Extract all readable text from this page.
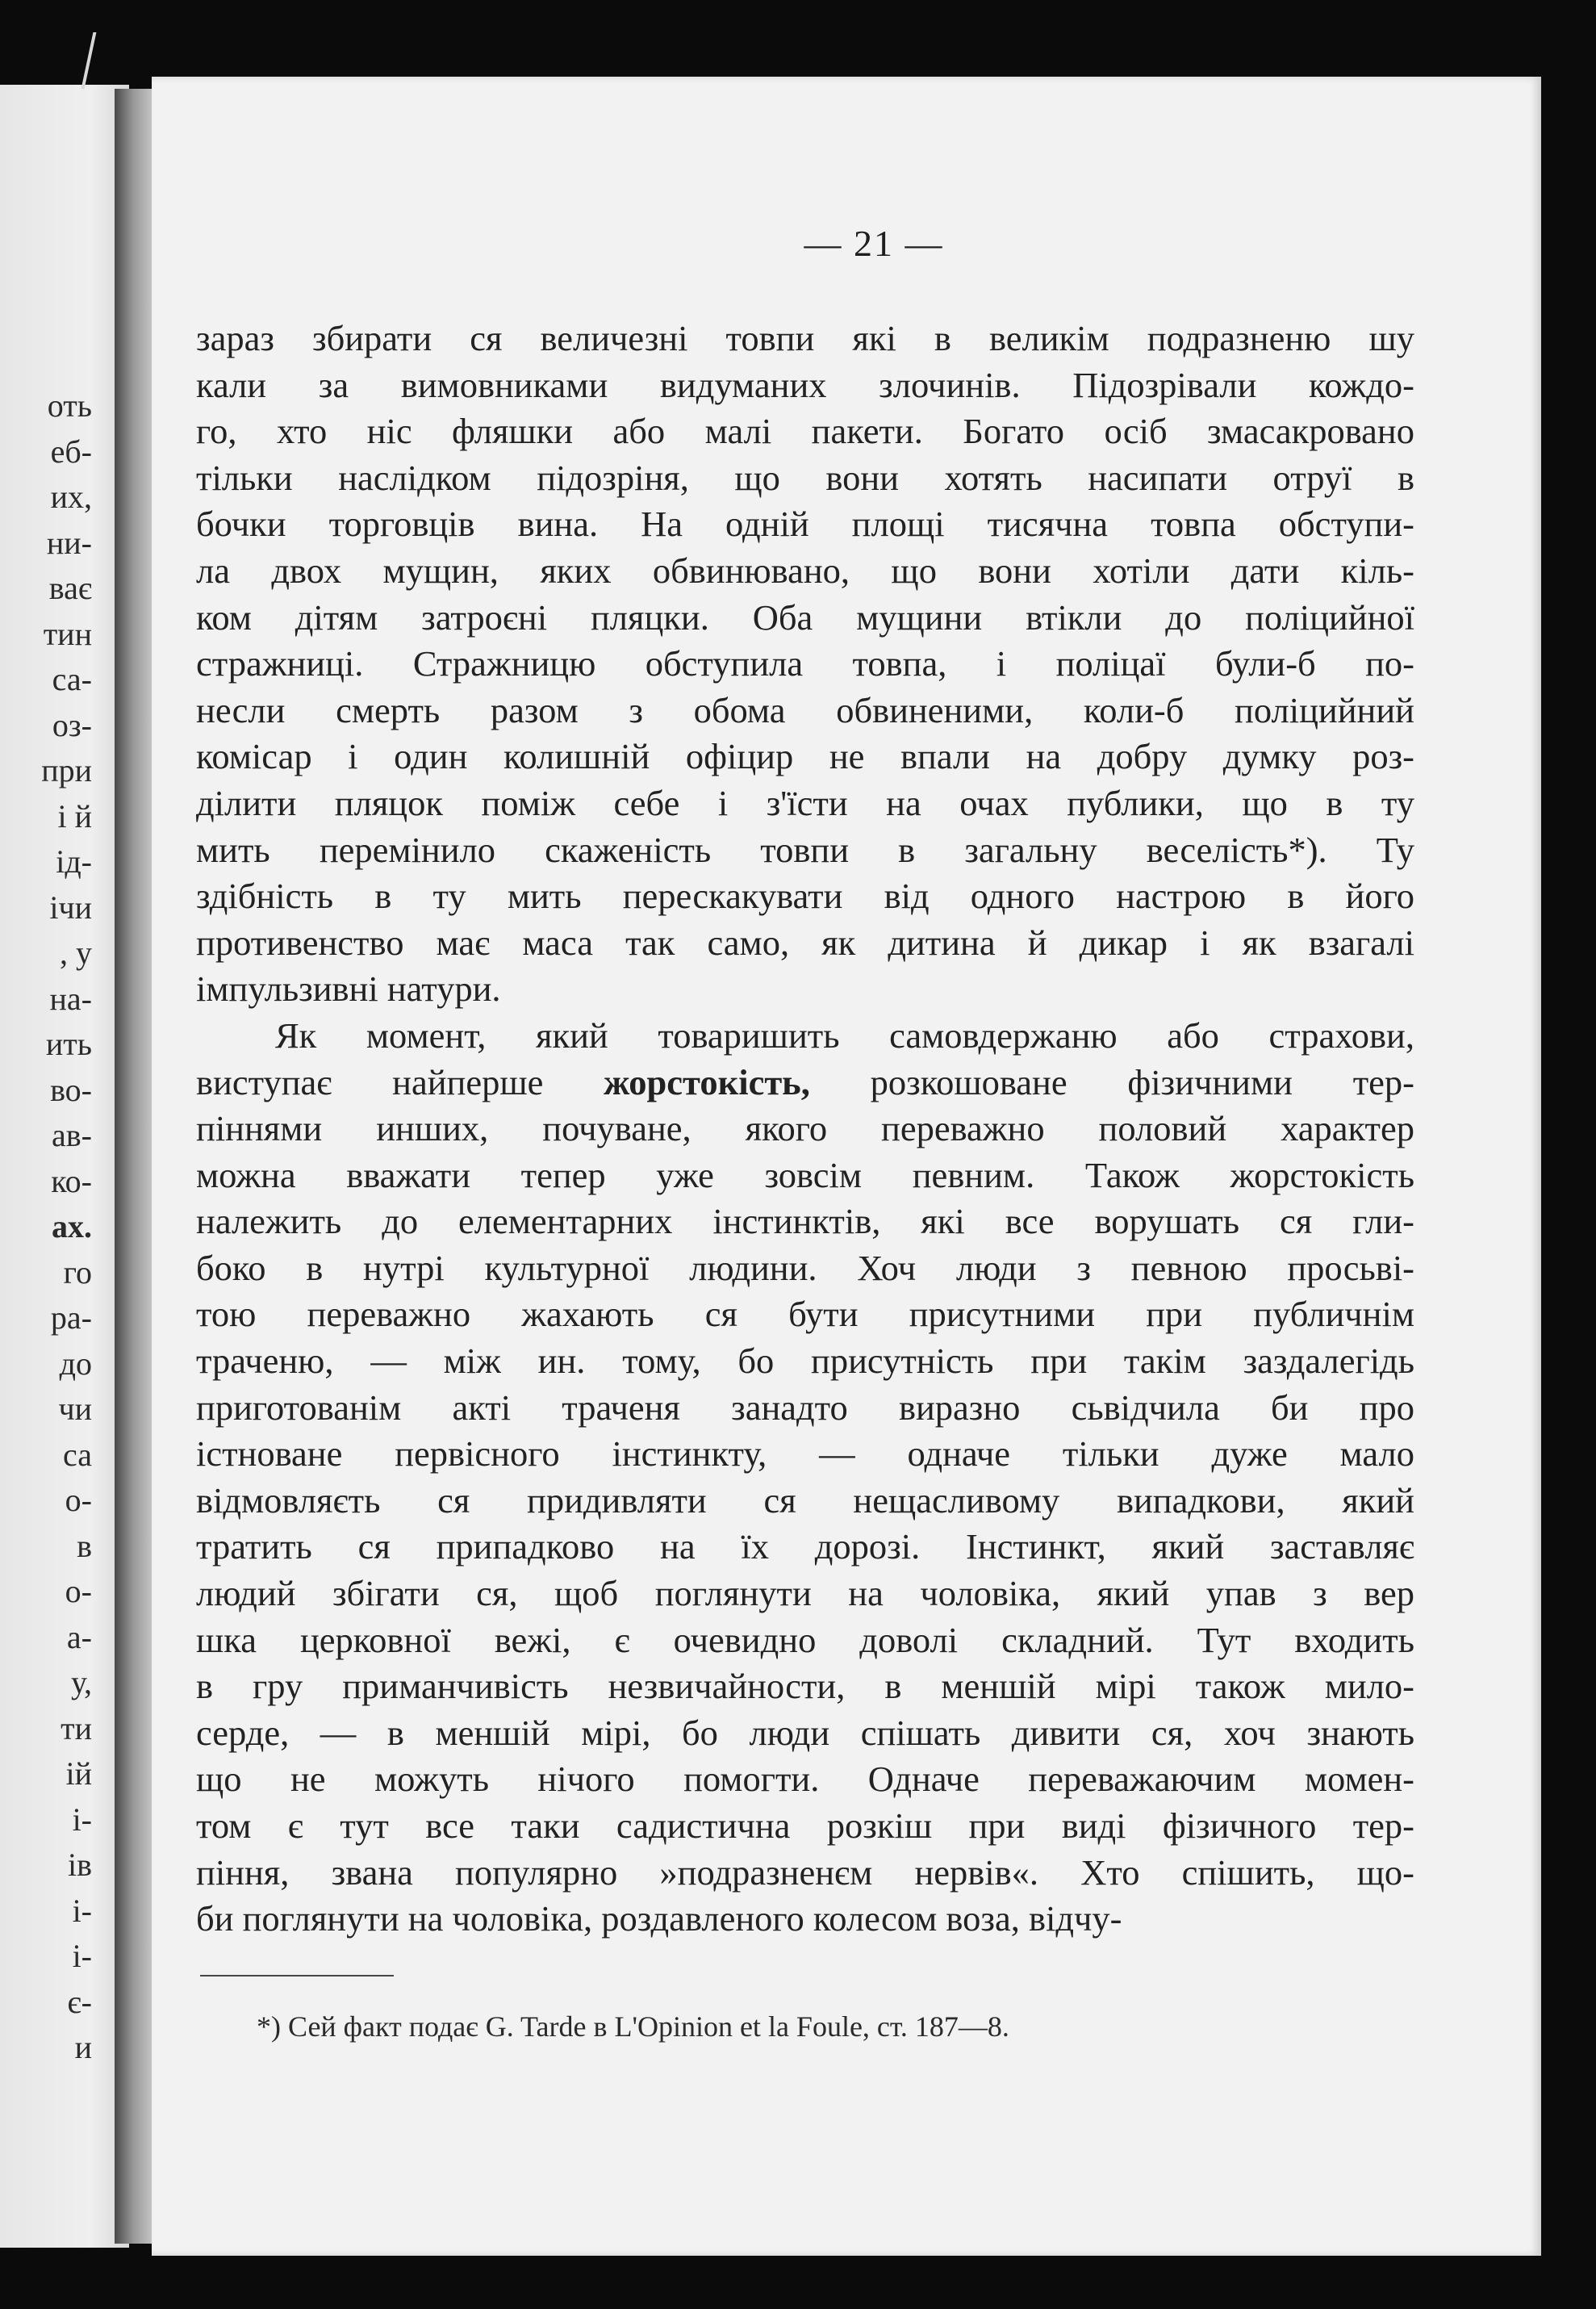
оть
еб-
их,
ни-
ває
тин
са-
оз-
при
і й
ід-
ічи
, у
на-
ить
во-
ав-
ко-
ах.
го
ра-
до
чи
са
о-
в
о-
а-
у,
ти
ій
і-
ів
і-
і-
є-
и
— 21 —
зараз збирати ся величезні товпи які в великім подразненю шу
кали за вимовниками видуманих злочинів. Підозрівали кождо-
го, хто ніс фляшки або малі пакети. Богато осіб змасакровано
тільки наслідком підозріня, що вони хотять насипати отруї в
бочки торговців вина. На одній площі тисячна товпа обступи-
ла двох мущин, яких обвинювано, що вони хотіли дати кіль-
ком дітям затроєні пляцки. Оба мущини втікли до поліцийної
стражниці. Стражницю обступила товпа, і поліцаї були-б по-
несли смерть разом з обома обвиненими, коли-б поліцийний
комісар і один колишній офіцир не впали на добру думку роз-
ділити пляцок поміж себе і з'їсти на очах публики, що в ту
мить перемінило скаженість товпи в загальну веселість*). Ту
здібність в ту мить перескакувати від одного настрою в його
противенство має маса так само, як дитина й дикар і як взагалі
імпульзивні натури.
Як момент, який товаришить самовдержаню або страхови,
виступає найперше жорстокість, розкошоване фізичними тер-
піннями инших, почуване, якого переважно половий характер
можна вважати тепер уже зовсім певним. Також жорстокість
належить до елементарних інстинктів, які все ворушать ся гли-
боко в нутрі культурної людини. Хоч люди з певною просьві-
тою переважно жахають ся бути присутними при публичнім
траченю, — між ин. тому, бо присутність при такім заздалегідь
приготованім акті траченя занадто виразно сьвідчила би про
істноване первісного інстинкту, — одначе тільки дуже мало
відмовляєть ся придивляти ся нещасливому випадкови, який
тратить ся припадково на їх дорозі. Інстинкт, який заставляє
людий збігати ся, щоб поглянути на чоловіка, який упав з вер
шка церковної вежі, є очевидно доволі складний. Тут входить
в гру приманчивість незвичайности, в меншій мірі також мило-
серде, — в меншій мірі, бо люди спішать дивити ся, хоч знають
що не можуть нічого помогти. Одначе переважаючим момен-
том є тут все таки садистична розкіш при виді фізичного тер-
піння, звана популярно »подразненєм нервів«. Хто спішить, що-
би поглянути на чоловіка, роздавленого колесом воза, відчу-
*) Сей факт подає G. Tarde в L'Opinion et la Foule, ст. 187—8.
